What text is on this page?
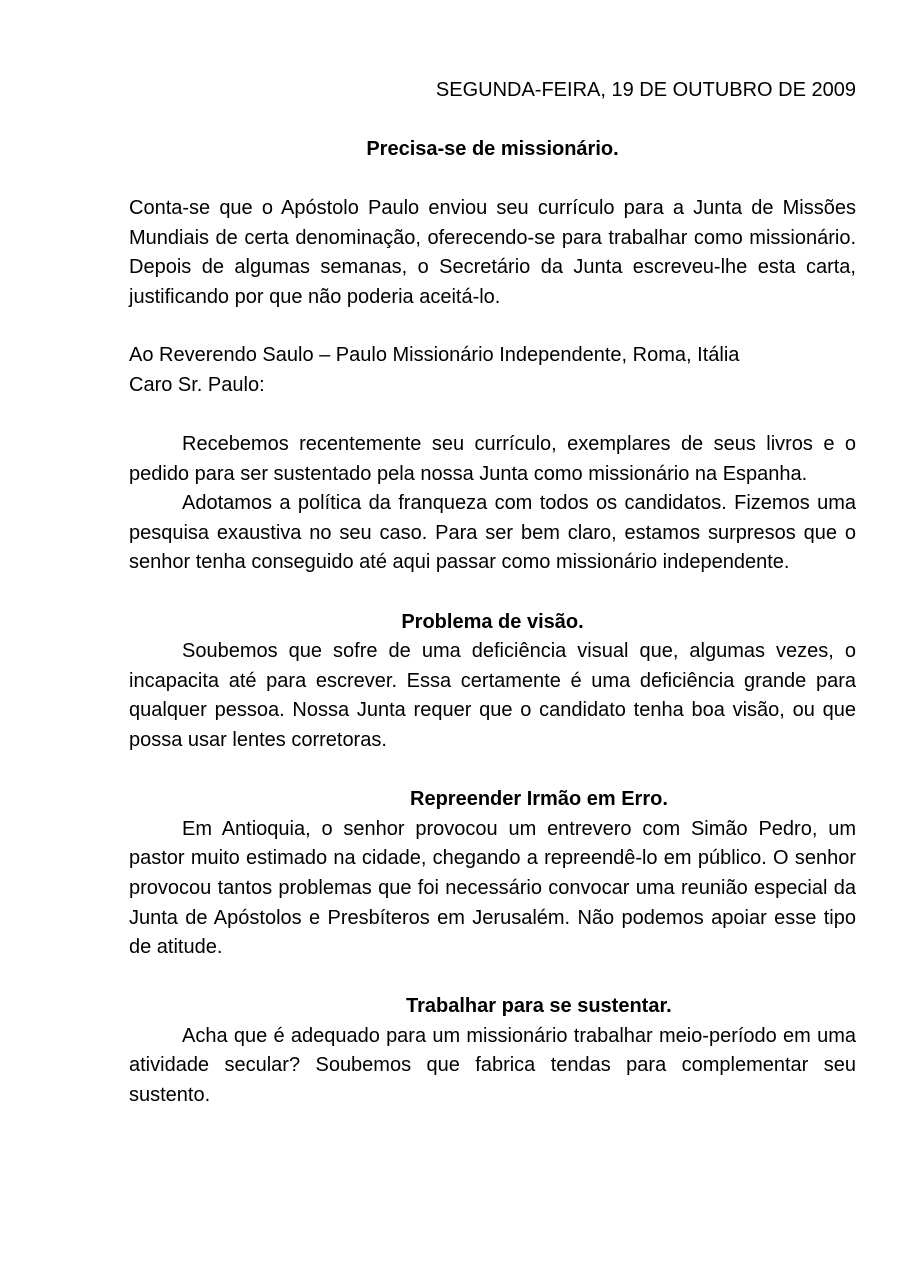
SEGUNDA-FEIRA, 19 DE OUTUBRO DE 2009
Precisa-se de missionário.

Conta-se que o Apóstolo Paulo enviou seu currículo para a Junta de Missões Mundiais de certa denominação, oferecendo-se para trabalhar como missionário. Depois de algumas semanas, o Secretário da Junta escreveu-lhe esta carta, justificando por que não poderia aceitá-lo.

Ao Reverendo Saulo – Paulo Missionário Independente, Roma, Itália
Caro Sr. Paulo:

Recebemos recentemente seu currículo, exemplares de seus livros e o pedido para ser sustentado pela nossa Junta como missionário na Espanha.

Adotamos a política da franqueza com todos os candidatos. Fizemos uma pesquisa exaustiva no seu caso. Para ser bem claro, estamos surpresos que o senhor tenha conseguido até aqui passar como missionário independente.

Problema de visão.

Soubemos que sofre de uma deficiência visual que, algumas vezes, o incapacita até para escrever. Essa certamente é uma deficiência grande para qualquer pessoa. Nossa Junta requer que o candidato tenha boa visão, ou que possa usar lentes corretoras.

Repreender Irmão em Erro.

Em Antioquia, o senhor provocou um entrevero com Simão Pedro, um pastor muito estimado na cidade, chegando a repreendê-lo em público. O senhor provocou tantos problemas que foi necessário convocar uma reunião especial da Junta de Apóstolos e Presbíteros em Jerusalém. Não podemos apoiar esse tipo de atitude.

Trabalhar para se sustentar.

Acha que é adequado para um missionário trabalhar meio-período em uma atividade secular? Soubemos que fabrica tendas para complementar seu sustento.
